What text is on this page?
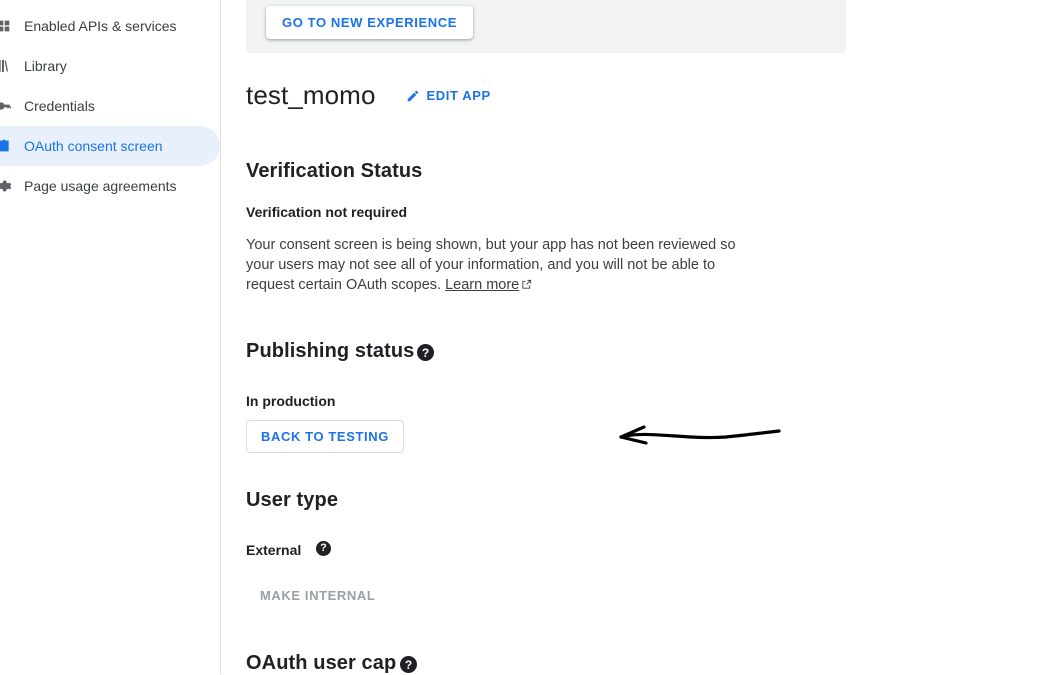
Enabled APIs & services
Library
Credentials
OAuth consent screen
Page usage agreements

GO TO NEW EXPERIENCE
test_momo	EDIT APP
Verification Status
Verification not required
Your consent screen is being shown, but your app has not been reviewed so your users may not see all of your information, and you will not be able to request certain OAuth scopes. Learn more
Publishing status ?
In production
BACK TO TESTING
User type
External	?
MAKE INTERNAL
OAuth user cap ?
